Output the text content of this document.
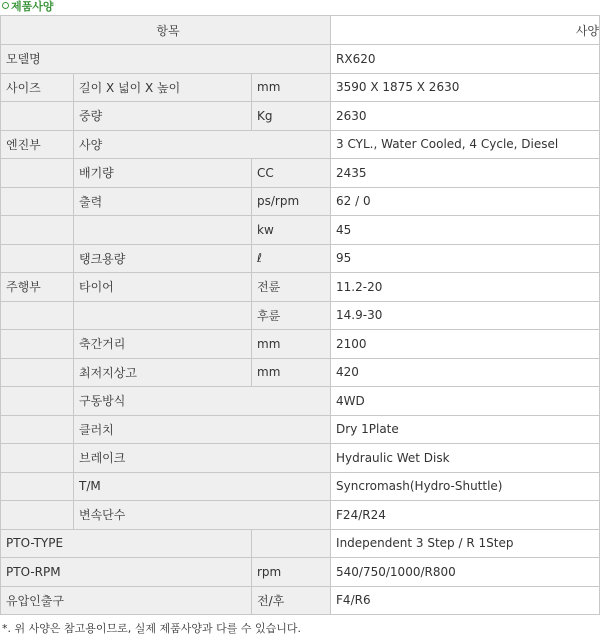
제품사양
항목			사양
모델명			RX620
사이즈	길이 X 넓이 X 높이	mm	3590 X 1875 X 2630
	중량	Kg	2630
엔진부	사양		3 CYL., Water Cooled, 4 Cycle, Diesel
	배기량	CC	2435
	출력	ps/rpm	62 / 0
		kw	45
	탱크용량	ℓ	95
주행부	타이어	전륜	11.2-20
		후륜	14.9-30
	축간거리	mm	2100
	최저지상고	mm	420
	구동방식		4WD
	클러치		Dry 1Plate
	브레이크		Hydraulic Wet Disk
	T/M		Syncromash(Hydro-Shuttle)
	변속단수		F24/R24
PTO-TYPE			Independent 3 Step / R 1Step
PTO-RPM		rpm	540/750/1000/R800
유압인출구		전/후	F4/R6
*. 위 사양은 참고용이므로, 실제 제품사양과 다를 수 있습니다.
